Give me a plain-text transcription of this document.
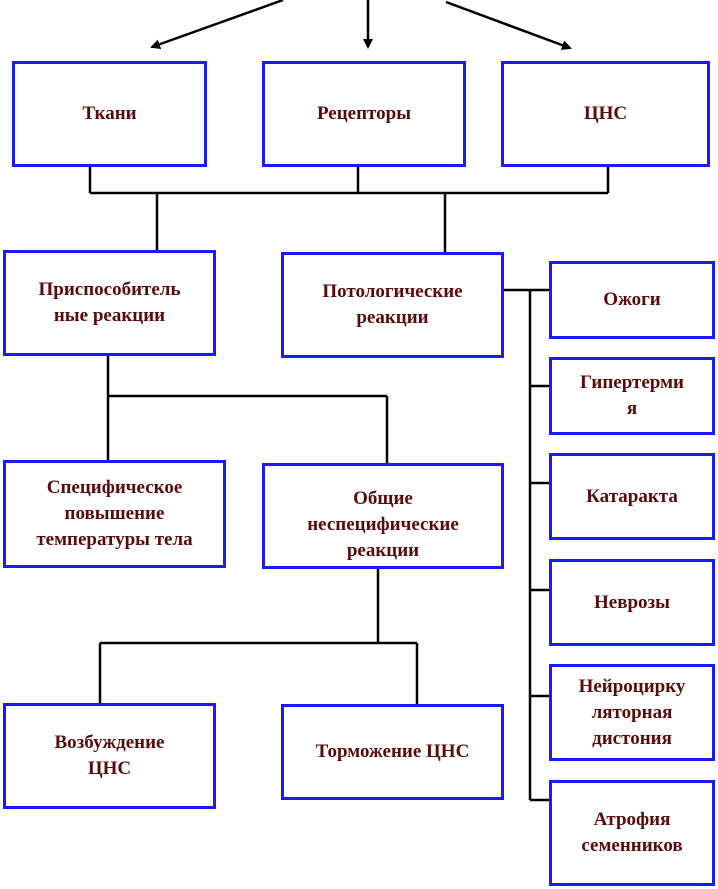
Ткани	Рецепторы	ЦНС
Приспособитель
ные реакции
Потологические
реакции
Ожоги
Гипертерми
я
Катаракта
Неврозы
Нейроцирку
ляторная
дистония
Атрофия
семенников
Специфическое
повышение
температуры тела
Общие
неспецифические
реакции
Возбуждение
ЦНС
Торможение ЦНС
